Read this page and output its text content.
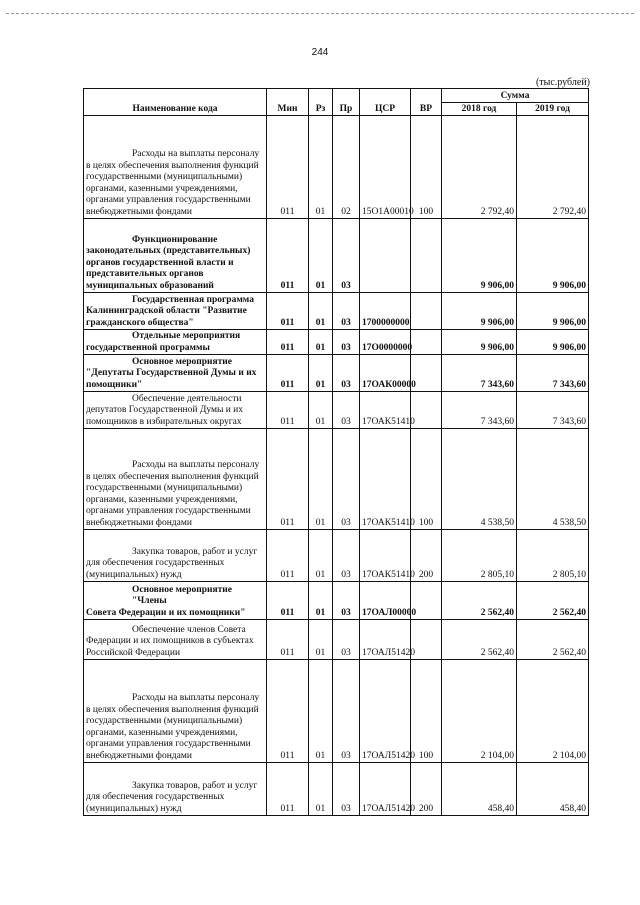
244
(тыс.рублей)
Наименование кода	Мин	Рз	Пр	ЦСР	ВР	Сумма	
						2018 год	2019 год
Расходы на выплаты персоналу в целях обеспечения выполнения функций государственными (муниципальными) органами, казенными учреждениями, органами управления государственными внебюджетными фондами	011	01	02	15О1А00010	100	2 792,40	2 792,40
Функционирование законодательных (представительных) органов государственной власти и представительных органов муниципальных образований	011	01	03			9 906,00	9 906,00
Государственная программа Калининградской области "Развитие гражданского общества"	011	01	03	1700000000		9 906,00	9 906,00
Отдельные мероприятия государственной программы	011	01	03	17О0000000		9 906,00	9 906,00
Основное мероприятие "Депутаты Государственной Думы и их помощники"	011	01	03	17ОАК00000		7 343,60	7 343,60
Обеспечение деятельности депутатов Государственной Думы и их помощников в избирательных округах	011	01	03	17ОАК51410		7 343,60	7 343,60
Расходы на выплаты персоналу в целях обеспечения выполнения функций государственными (муниципальными) органами, казенными учреждениями, органами управления государственными внебюджетными фондами	011	01	03	17ОАК51410	100	4 538,50	4 538,50
Закупка товаров, работ и услуг для обеспечения государственных (муниципальных) нужд	011	01	03	17ОАК51410	200	2 805,10	2 805,10
Основное мероприятие "Члены Совета Федерации и их помощники"	011	01	03	17ОАЛ00000		2 562,40	2 562,40
Обеспечение членов Совета Федерации и их помощников в субъектах Российской Федерации	011	01	03	17ОАЛ51420		2 562,40	2 562,40
Расходы на выплаты персоналу в целях обеспечения выполнения функций государственными (муниципальными) органами, казенными учреждениями, органами управления государственными внебюджетными фондами	011	01	03	17ОАЛ51420	100	2 104,00	2 104,00
Закупка товаров, работ и услуг для обеспечения государственных (муниципальных) нужд	011	01	03	17ОАЛ51420	200	458,40	458,40
